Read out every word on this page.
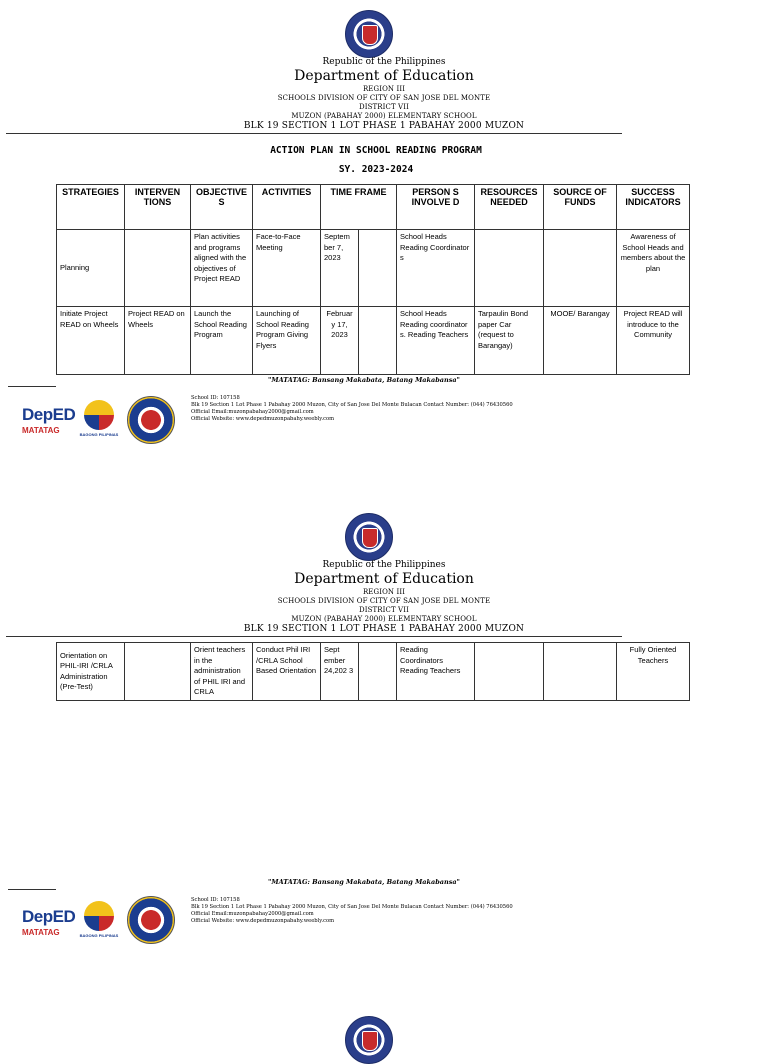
Republic of the Philippines
Department of Education
REGION III
SCHOOLS DIVISION OF CITY OF SAN JOSE DEL MONTE
DISTRICT VII
MUZON (PABAHAY 2000) ELEMENTARY SCHOOL
BLK 19 SECTION 1 LOT PHASE 1 PABAHAY 2000 MUZON
ACTION PLAN IN SCHOOL READING PROGRAM
SY. 2023-2024
STRATEGIES	INTERVEN TIONS	OBJECTIVE S	ACTIVITIES	TIME FRAME		PERSON S INVOLVE D	RESOURCES NEEDED	SOURCE OF FUNDS	SUCCESS INDICATORS
Planning		Plan activities and programs aligned with the objectives of Project READ	Face-to-Face Meeting	Septem ber 7, 2023		School Heads Reading Coordinator s			Awareness of School Heads and members about the plan
Initiate Project READ on Wheels	Project READ on Wheels	Launch the School Reading Program	Launching of School Reading Program Giving Flyers	Februar y 17, 2023		School Heads Reading coordinator s. Reading Teachers	Tarpaulin Bond paper Car (request to Barangay)	MOOE/ Barangay	Project READ will introduce to the Community
"MATATAG: Bansang Makabata, Batang Makabansa"
DepED
MATATAG	BAGONG PILIPINAS
School ID: 107158
Blk 19 Section 1 Lot Phase 1 Pabahay 2000 Muzon, City of San Jose Del Monte Bulacan Contact Number: (044) 76430560
Official Email:muzonpabahay2000@gmail.com
Official Website: www.depedmuzonpabahy.weebly.com
Republic of the Philippines
Department of Education
REGION III
SCHOOLS DIVISION OF CITY OF SAN JOSE DEL MONTE
DISTRICT VII
MUZON (PABAHAY 2000) ELEMENTARY SCHOOL
BLK 19 SECTION 1 LOT PHASE 1 PABAHAY 2000 MUZON
Orientation on PHIL-IRI /CRLA Administration (Pre-Test)		Orient teachers in the administration of PHIL IRI and CRLA	Conduct Phil IRI /CRLA School Based Orientation	Sept ember 24,202 3		Reading Coordinators Reading Teachers			Fully Oriented Teachers
"MATATAG: Bansang Makabata, Batang Makabansa"
DepED
MATATAG	BAGONG PILIPINAS
School ID: 107158
Blk 19 Section 1 Lot Phase 1 Pabahay 2000 Muzon, City of San Jose Del Monte Bulacan Contact Number: (044) 76430560
Official Email:muzonpabahay2000@gmail.com
Official Website: www.depedmuzonpabahy.weebly.com
